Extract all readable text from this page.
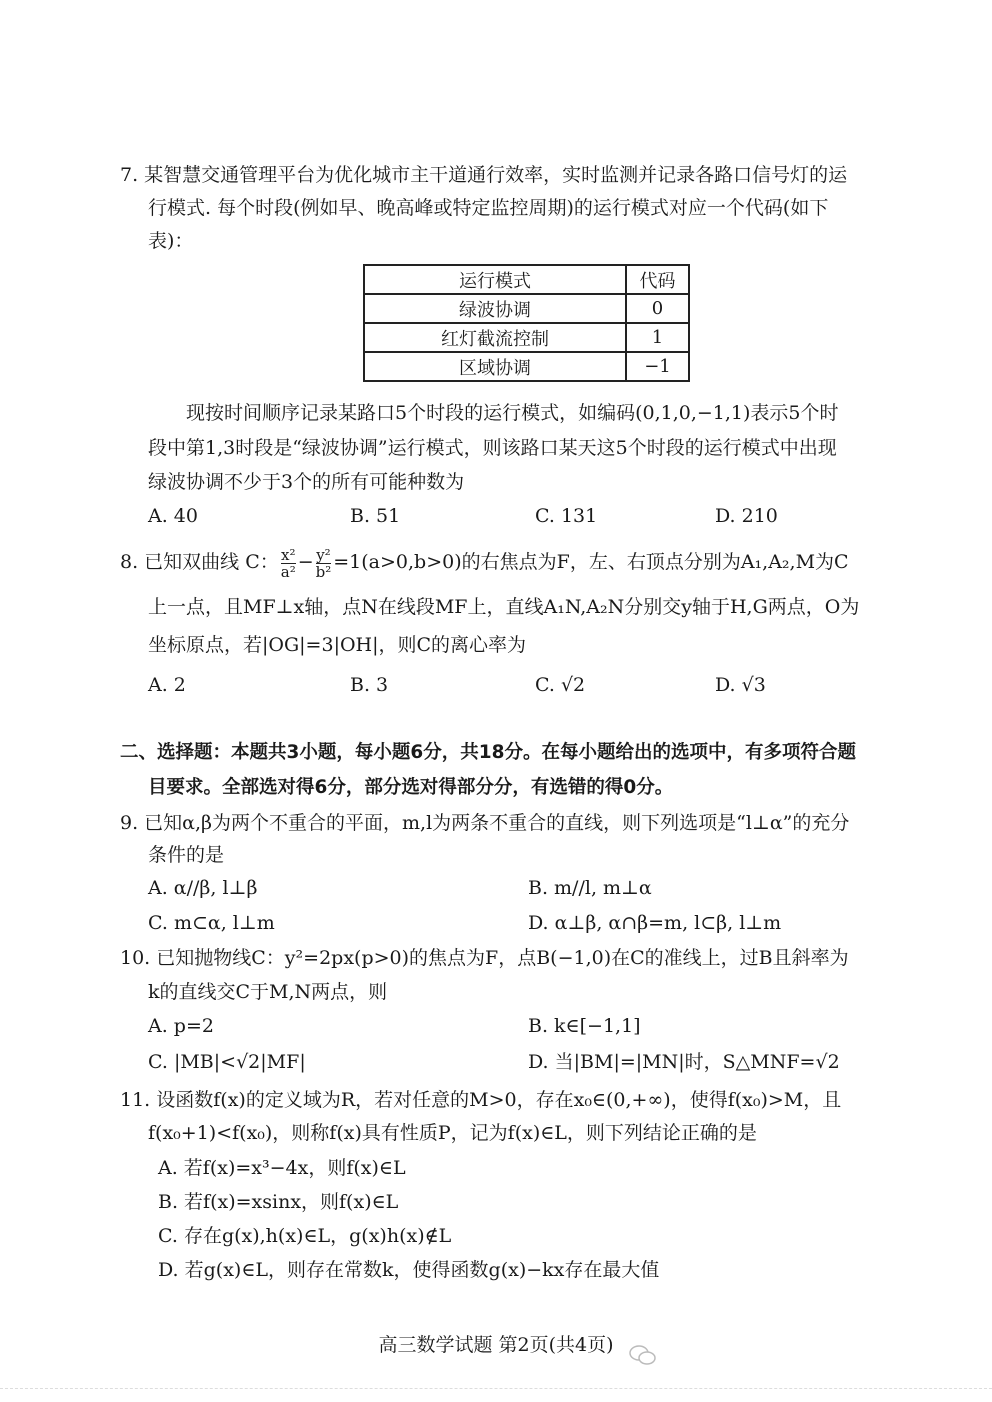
7. 某智慧交通管理平台为优化城市主干道通行效率，实时监测并记录各路口信号灯的运
行模式. 每个时段(例如早、晚高峰或特定监控周期)的运行模式对应一个代码(如下
表)：
运行模式	代码
绿波协调	0
红灯截流控制	1
区域协调	−1
现按时间顺序记录某路口5个时段的运行模式，如编码(0,1,0,−1,1)表示5个时
段中第1,3时段是“绿波协调”运行模式，则该路口某天这5个时段的运行模式中出现
绿波协调不少于3个的所有可能种数为
A. 40	B. 51	C. 131	D. 210
8. 已知双曲线 C： $\frac{\text{x²}}{\text{a²}} - \frac{\text{y²}}{\text{b²}} =1(a>0,b>0)$的右焦点为F，左、右顶点分别为A₁,A₂,M为C
上一点，且MF⊥x轴，点N在线段MF上，直线A₁N,A₂N分别交y轴于H,G两点，O为
坐标原点，若|OG|=3|OH|，则C的离心率为
A. 2	B. 3	C. √2	D. √3
二、选择题：本题共3小题，每小题6分，共18分。在每小题给出的选项中，有多项符合题
目要求。全部选对得6分，部分选对得部分分，有选错的得0分。
9. 已知α,β为两个不重合的平面，m,l为两条不重合的直线，则下列选项是“l⊥α”的充分
条件的是
A. α//β, l⊥β	B. m//l, m⊥α
C. m⊂α, l⊥m	D. α⊥β, α∩β=m, l⊂β, l⊥m
10. 已知抛物线C：y²=2px(p>0)的焦点为F，点B(−1,0)在C的准线上，过B且斜率为
k的直线交C于M,N两点，则
A. p=2	B. k∈[−1,1]
C. |MB|<√2|MF|	D. 当|BM|=|MN|时，S△MNF=√2
11. 设函数f(x)的定义域为R，若对任意的M>0，存在x₀∈(0,+∞)，使得f(x₀)>M，且
f(x₀+1)<f(x₀)，则称f(x)具有性质P，记为f(x)∈L，则下列结论正确的是
A. 若f(x)=x³−4x，则f(x)∈L
B. 若f(x)=xsinx，则f(x)∈L
C. 存在g(x),h(x)∈L，g(x)h(x)∉L
D. 若g(x)∈L，则存在常数k，使得函数g(x)−kx存在最大值
高三数学试题 第2页(共4页)
